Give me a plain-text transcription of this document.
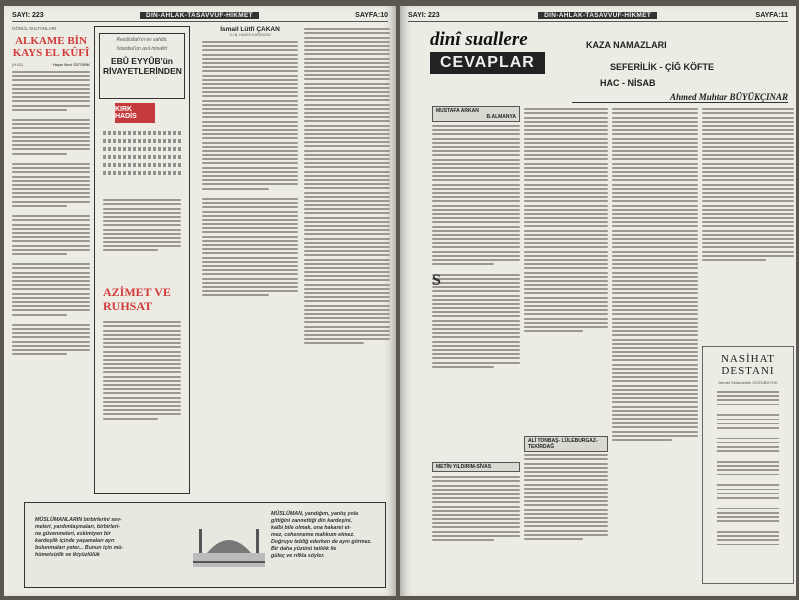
SAYI: 223	DİN-AHLAK-TASAVVUF-HİKMET	SAYFA:10
GÖNÜL SULTANLARI
ALKAME BİN KAYS EL KÛFÎ
(H.62)	Yaşar Nuri ÖZTÜRK
Resûlullah'ın ev sahibi,
İstanbul'un asıl misafiri
EBÛ EYYÛB'ün RİVAYETLERİNDEN
KIRK HADİS
AZİMET VE RUHSAT
İsmail Lütfi ÇAKAN
V.İ.B. HADİS KÜRSÜSÜ
MÜSLÜMANLARIN birbirlerini sev-
meleri, yardımlaşmaları, birbirleri-
ne güvenmeleri, eskimiyen bir
kardeşlik içinde yaşamaları ayrı
bulunmaları yeter... Bunun için mü-
hümetsizlik ve ikiyüzlülük
MÜSLÜMAN, yandığım, yanlış yola
gittiğini zannettiği din kardeşini,
kalbi bile olmak, ona hakaret et-
mez, cehenneme mahkum etmez.
Doğruyu tebliğ ederken de aynı görmez.
Bir daha yüzünü tatlılık ile
güleç ve rıfkla söyler.
SAYI: 223	DİN-AHLAK-TASAVVUF-HİKMET	SAYFA:11
dinî suallere
CEVAPLAR
KAZA NAMAZLARI
SEFERİLİK - ÇİĞ KÖFTE
HAC - NİSAB
Ahmed Muhtar BÜYÜKÇINAR
MUSTAFA ARKAN
B.ALMANYA
S
METİN YILDIRIM-SİVAS
ALİ TONBAŞ- LÜLEBURGAZ-TEKİRDAĞ
NASİHAT DESTANI
Ahmet Selahaddin GÖZÜBÜYÜK
